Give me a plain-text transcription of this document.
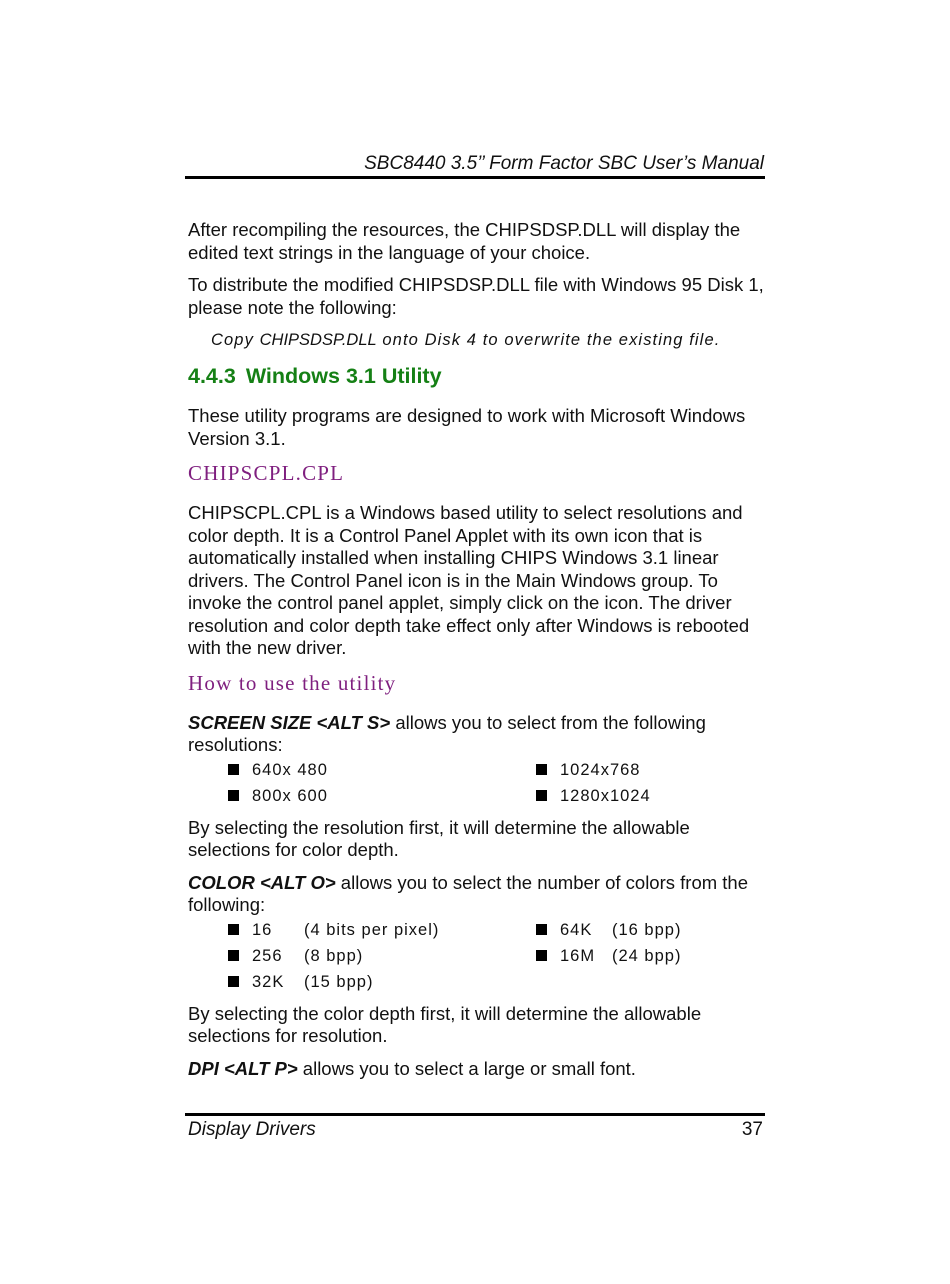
SBC8440 3.5’’ Form Factor SBC User’s Manual

After recompiling the resources, the CHIPSDSP.DLL will display the edited text strings in the language of your choice.

To distribute the modified CHIPSDSP.DLL file with Windows 95 Disk 1, please note the following:

Copy CHIPSDSP.DLL onto Disk 4 to overwrite the existing file.

4.4.3 Windows 3.1 Utility

These utility programs are designed to work with Microsoft Windows Version 3.1.

CHIPSCPL.CPL

CHIPSCPL.CPL is a Windows based utility to select resolutions and color depth. It is a Control Panel Applet with its own icon that is automatically installed when installing CHIPS Windows 3.1 linear drivers. The Control Panel icon is in the Main Windows group. To invoke the control panel applet, simply click on the icon. The driver resolution and color depth take effect only after Windows is rebooted with the new driver.

How to use the utility

SCREEN SIZE <ALT S> allows you to select from the following resolutions:

640x 480	1024x768
800x 600	1280x1024

By selecting the resolution first, it will determine the allowable selections for color depth.

COLOR <ALT O> allows you to select the number of colors from the following:

16	(4 bits per pixel)	64K	(16 bpp)
256	(8 bpp)	16M	(24 bpp)
32K	(15 bpp)

By selecting the color depth first, it will determine the allowable selections for resolution.

DPI <ALT P> allows you to select a large or small font.

Display Drivers	37
